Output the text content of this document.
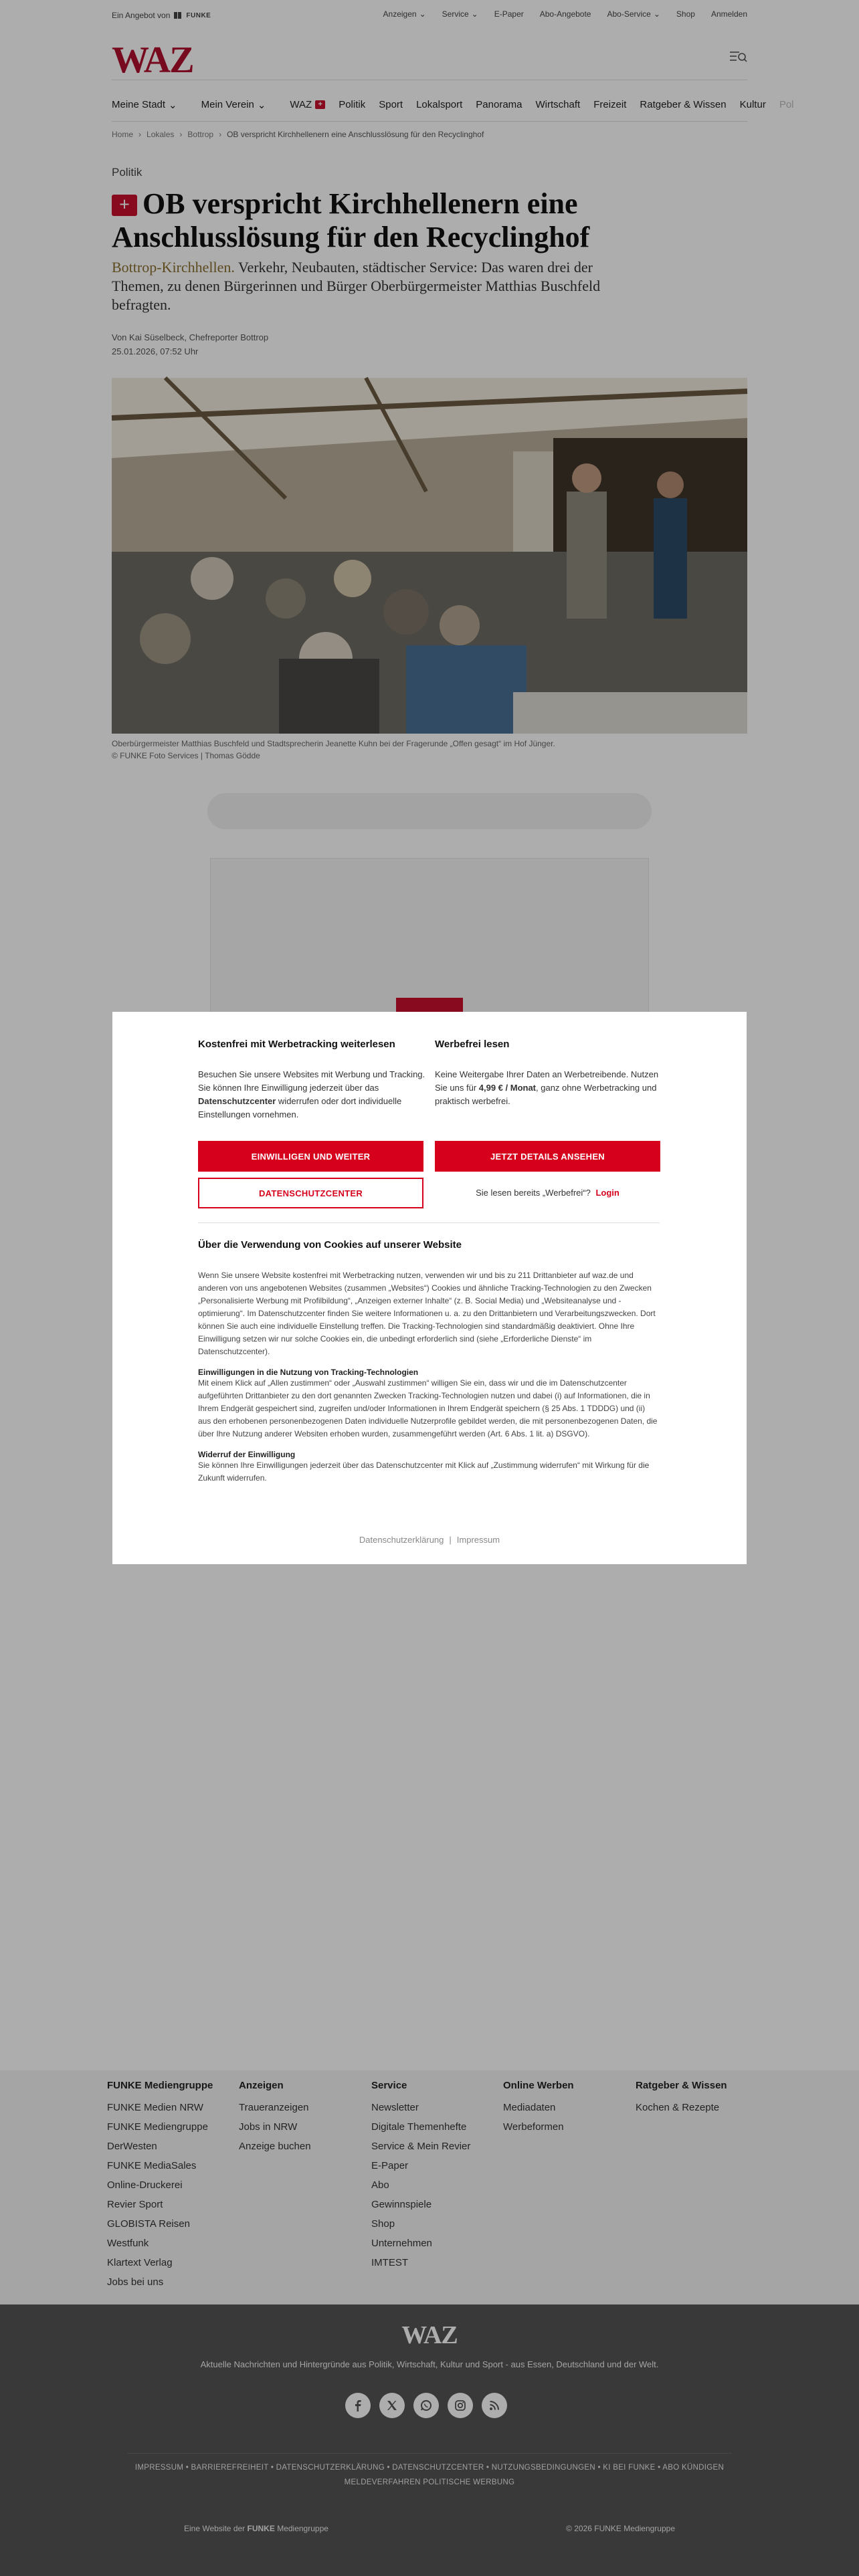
Ein Angebot von FUNKE	Anzeigen ⌄ Service ⌄ E-Paper Abo-Angebote Abo-Service ⌄ Shop Anmelden
WAZ
Meine Stadt ⌄ Mein Verein ⌄ WAZ +	Politik	Sport	Lokalsport	Panorama	Wirtschaft	Freizeit	Ratgeber & Wissen	Kultur	Pol
Home › Lokales › Bottrop › OB verspricht Kirchhellenern eine Anschlusslösung für den Recyclinghof
Politik
+ OB verspricht Kirchhellenern eine Anschlusslösung für den Recyclinghof

Bottrop-Kirchhellen. Verkehr, Neubauten, städtischer Service: Das waren drei der Themen, zu denen Bürgerinnen und Bürger Oberbürgermeister Matthias Buschfeld befragten.

Von Kai Süselbeck, Chefreporter Bottrop
25.01.2026, 07:52 Uhr
Oberbürgermeister Matthias Buschfeld und Stadtsprecherin Jeanette Kuhn bei der Fragerunde „Offen gesagt“ im Hof Jünger.
© FUNKE Foto Services | Thomas Gödde
FUNKE Mediengruppe
FUNKE Medien NRW
FUNKE Mediengruppe
DerWesten
FUNKE MediaSales
Online-Druckerei
Revier Sport
GLOBISTA Reisen
Westfunk
Klartext Verlag
Jobs bei uns
Anzeigen
Traueranzeigen
Jobs in NRW
Anzeige buchen
Service
Newsletter
Digitale Themenhefte
Service & Mein Revier
E-Paper
Abo
Gewinnspiele
Shop
Unternehmen
IMTEST
Online Werben
Mediadaten
Werbeformen
Ratgeber & Wissen
Kochen & Rezepte
WAZ
Aktuelle Nachrichten und Hintergründe aus Politik, Wirtschaft, Kultur und Sport - aus Essen, Deutschland und der Welt.
IMPRESSUM • BARRIEREFREIHEIT • DATENSCHUTZERKLÄRUNG • DATENSCHUTZCENTER • NUTZUNGSBEDINGUNGEN • KI BEI FUNKE • ABO KÜNDIGEN
MELDEVERFAHREN POLITISCHE WERBUNG
Eine Website der FUNKE Mediengruppe	© 2026 FUNKE Mediengruppe
Kostenfrei mit Werbetracking weiterlesen

Besuchen Sie unsere Websites mit Werbung und Tracking. Sie können Ihre Einwilligung jederzeit über das Datenschutzcenter widerrufen oder dort individuelle Einstellungen vornehmen.

Werbefrei lesen

Keine Weitergabe Ihrer Daten an Werbetreibende. Nutzen Sie uns für 4,99 € / Monat, ganz ohne Werbetracking und praktisch werbefrei.

EINWILLIGEN UND WEITER	JETZT DETAILS ANSEHEN
DATENSCHUTZCENTER	Sie lesen bereits „Werbefrei“? Login
Über die Verwendung von Cookies auf unserer Website

Wenn Sie unsere Website kostenfrei mit Werbetracking nutzen, verwenden wir und bis zu 211 Drittanbieter auf waz.de und anderen von uns angebotenen Websites (zusammen „Websites“) Cookies und ähnliche Tracking-Technologien zu den Zwecken „Personalisierte Werbung mit Profilbildung“, „Anzeigen externer Inhalte“ (z. B. Social Media) und „Websiteanalyse und -optimierung“. Im Datenschutzcenter finden Sie weitere Informationen u. a. zu den Drittanbietern und Verarbeitungszwecken. Dort können Sie auch eine individuelle Einstellung treffen. Die Tracking-Technologien sind standardmäßig deaktiviert. Ohne Ihre Einwilligung setzen wir nur solche Cookies ein, die unbedingt erforderlich sind (siehe „Erforderliche Dienste“ im Datenschutzcenter).

Einwilligungen in die Nutzung von Tracking-Technologien

Mit einem Klick auf „Allen zustimmen“ oder „Auswahl zustimmen“ willigen Sie ein, dass wir und die im Datenschutzcenter aufgeführten Drittanbieter zu den dort genannten Zwecken Tracking-Technologien nutzen und dabei (i) auf Informationen, die in Ihrem Endgerät gespeichert sind, zugreifen und/oder Informationen in Ihrem Endgerät speichern (§ 25 Abs. 1 TDDDG) und (ii) aus den erhobenen personenbezogenen Daten individuelle Nutzerprofile gebildet werden, die mit personenbezogenen Daten, die über Ihre Nutzung anderer Websiten erhoben wurden, zusammengeführt werden (Art. 6 Abs. 1 lit. a) DSGVO).

Widerruf der Einwilligung

Sie können Ihre Einwilligungen jederzeit über das Datenschutzcenter mit Klick auf „Zustimmung widerrufen“ mit Wirkung für die Zukunft widerrufen.

Datenschutzerklärung | Impressum
